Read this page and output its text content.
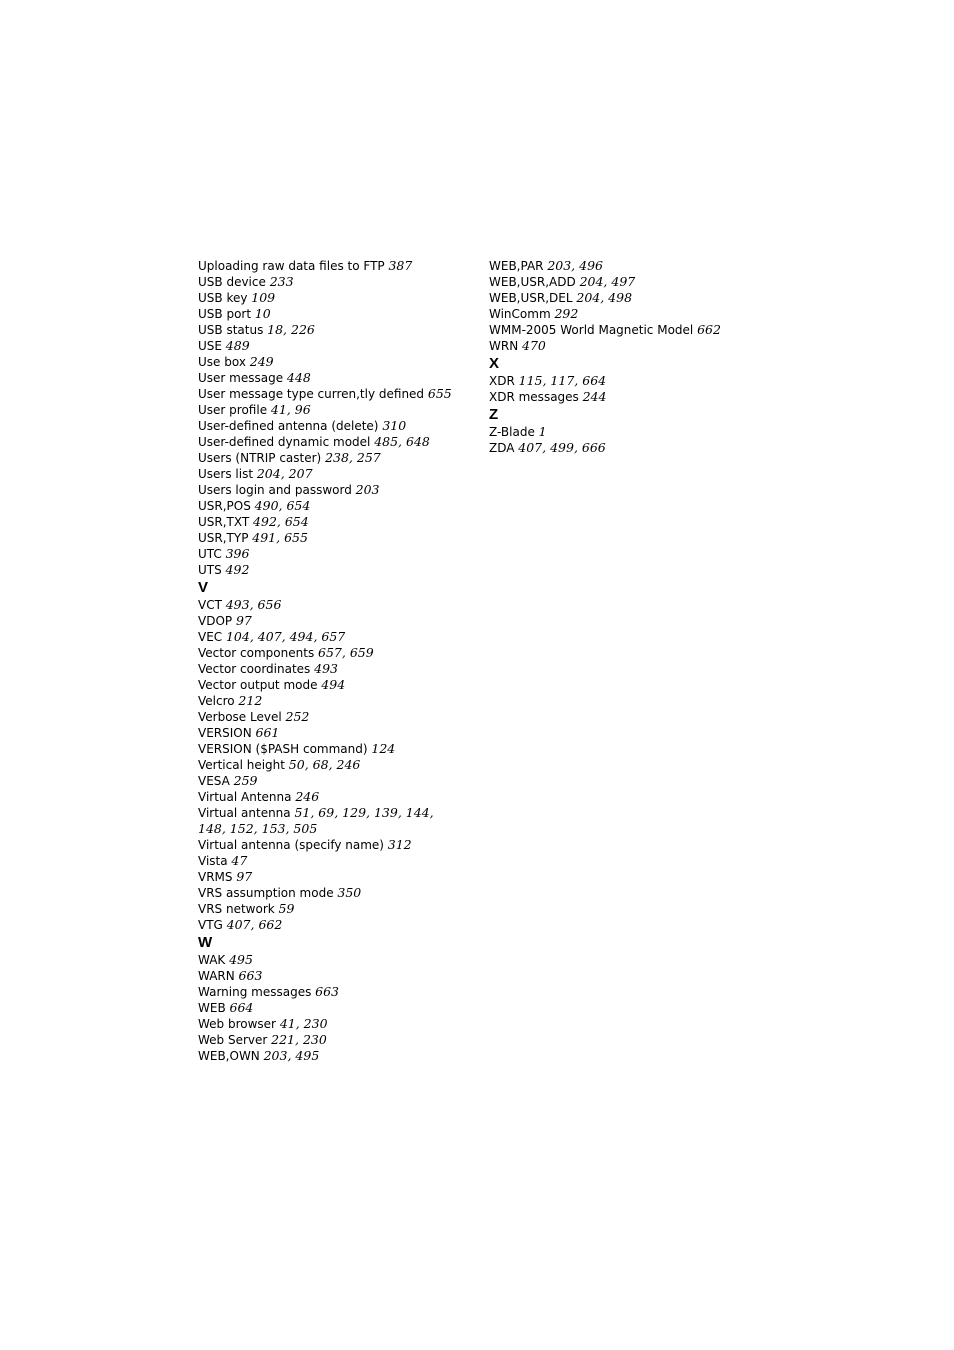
Uploading raw data files to FTP 387
USB device 233
USB key 109
USB port 10
USB status 18, 226
USE 489
Use box 249
User message 448
User message type curren,tly defined 655
User profile 41, 96
User-defined antenna (delete) 310
User-defined dynamic model 485, 648
Users (NTRIP caster) 238, 257
Users list 204, 207
Users login and password 203
USR,POS 490, 654
USR,TXT 492, 654
USR,TYP 491, 655
UTC 396
UTS 492
V
VCT 493, 656
VDOP 97
VEC 104, 407, 494, 657
Vector components 657, 659
Vector coordinates 493
Vector output mode 494
Velcro 212
Verbose Level 252
VERSION 661
VERSION ($PASH command) 124
Vertical height 50, 68, 246
VESA 259
Virtual Antenna 246
Virtual antenna 51, 69, 129, 139, 144,
148, 152, 153, 505
Virtual antenna (specify name) 312
Vista 47
VRMS 97
VRS assumption mode 350
VRS network 59
VTG 407, 662
W
WAK 495
WARN 663
Warning messages 663
WEB 664
Web browser 41, 230
Web Server 221, 230
WEB,OWN 203, 495
WEB,PAR 203, 496
WEB,USR,ADD 204, 497
WEB,USR,DEL 204, 498
WinComm 292
WMM-2005 World Magnetic Model 662
WRN 470
X
XDR 115, 117, 664
XDR messages 244
Z
Z-Blade 1
ZDA 407, 499, 666
